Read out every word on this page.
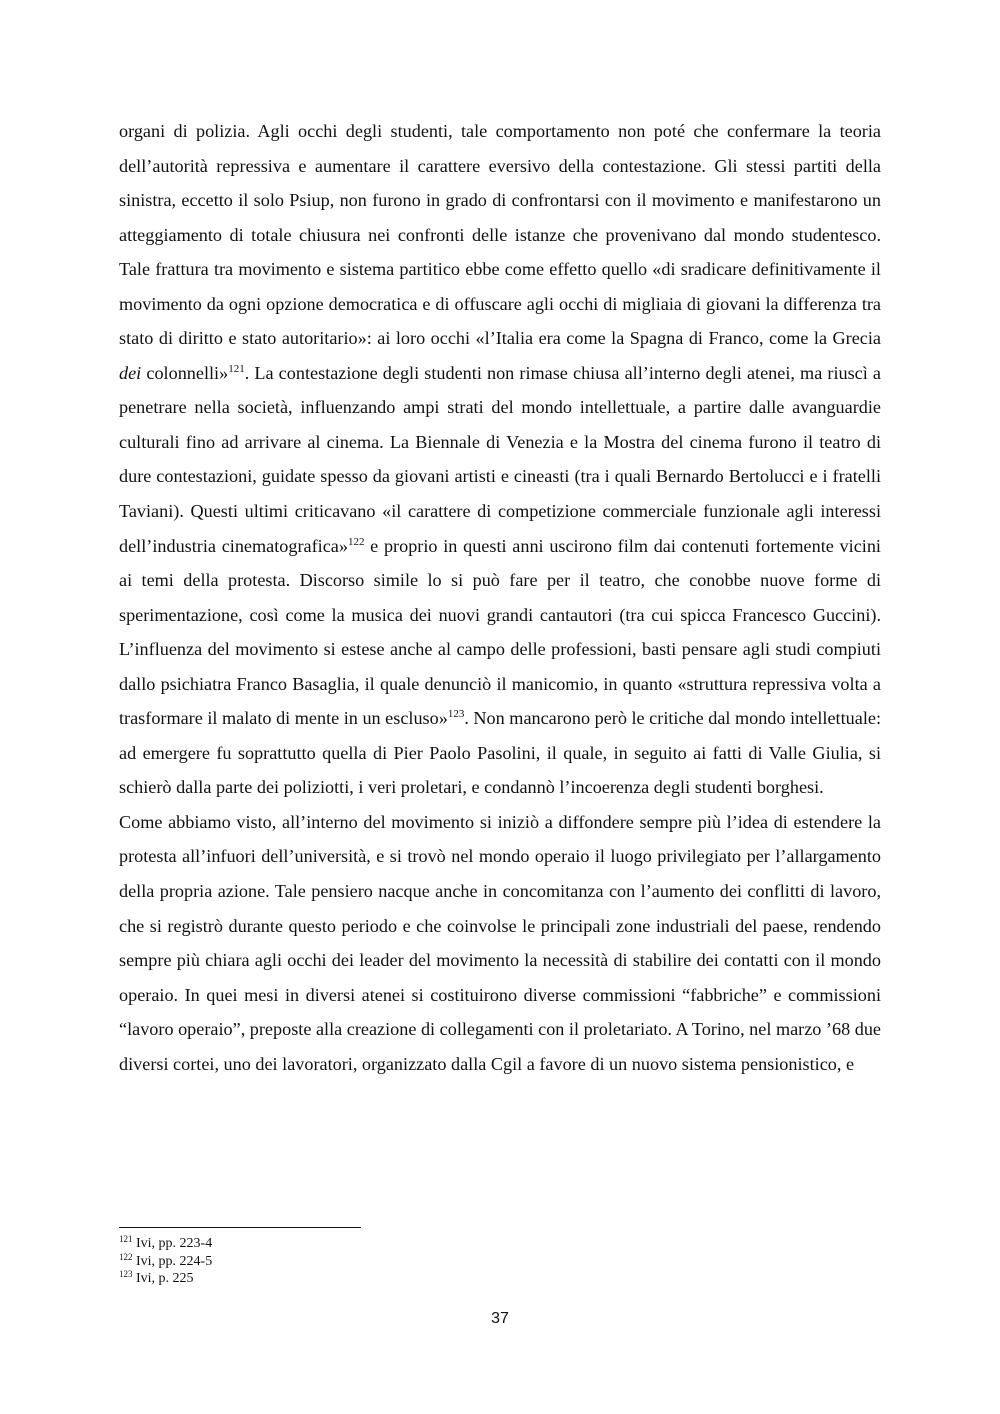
organi di polizia. Agli occhi degli studenti, tale comportamento non poté che confermare la teoria dell’autorità repressiva e aumentare il carattere eversivo della contestazione. Gli stessi partiti della sinistra, eccetto il solo Psiup, non furono in grado di confrontarsi con il movimento e manifestarono un atteggiamento di totale chiusura nei confronti delle istanze che provenivano dal mondo studentesco. Tale frattura tra movimento e sistema partitico ebbe come effetto quello «di sradicare definitivamente il movimento da ogni opzione democratica e di offuscare agli occhi di migliaia di giovani la differenza tra stato di diritto e stato autoritario»: ai loro occhi «l’Italia era come la Spagna di Franco, come la Grecia dei colonnelli»$^{121}$. La contestazione degli studenti non rimase chiusa all’interno degli atenei, ma riuscì a penetrare nella società, influenzando ampi strati del mondo intellettuale, a partire dalle avanguardie culturali fino ad arrivare al cinema. La Biennale di Venezia e la Mostra del cinema furono il teatro di dure contestazioni, guidate spesso da giovani artisti e cineasti (tra i quali Bernardo Bertolucci e i fratelli Taviani). Questi ultimi criticavano «il carattere di competizione commerciale funzionale agli interessi dell’industria cinematografica»$^{122}$ e proprio in questi anni uscirono film dai contenuti fortemente vicini ai temi della protesta. Discorso simile lo si può fare per il teatro, che conobbe nuove forme di sperimentazione, così come la musica dei nuovi grandi cantautori (tra cui spicca Francesco Guccini). L’influenza del movimento si estese anche al campo delle professioni, basti pensare agli studi compiuti dallo psichiatra Franco Basaglia, il quale denunciò il manicomio, in quanto «struttura repressiva volta a trasformare il malato di mente in un escluso»$^{123}$. Non mancarono però le critiche dal mondo intellettuale: ad emergere fu soprattutto quella di Pier Paolo Pasolini, il quale, in seguito ai fatti di Valle Giulia, si schierò dalla parte dei poliziotti, i veri proletari, e condannò l’incoerenza degli studenti borghesi.

Come abbiamo visto, all’interno del movimento si iniziò a diffondere sempre più l’idea di estendere la protesta all’infuori dell’università, e si trovò nel mondo operaio il luogo privilegiato per l’allargamento della propria azione. Tale pensiero nacque anche in concomitanza con l’aumento dei conflitti di lavoro, che si registrò durante questo periodo e che coinvolse le principali zone industriali del paese, rendendo sempre più chiara agli occhi dei leader del movimento la necessità di stabilire dei contatti con il mondo operaio. In quei mesi in diversi atenei si costituirono diverse commissioni “fabbriche” e commissioni “lavoro operaio”, preposte alla creazione di collegamenti con il proletariato. A Torino, nel marzo ’68 due diversi cortei, uno dei lavoratori, organizzato dalla Cgil a favore di un nuovo sistema pensionistico, e

$^{121}$ Ivi, pp. 223-4

$^{122}$ Ivi, pp. 224-5

$^{123}$ Ivi, p. 225

37
